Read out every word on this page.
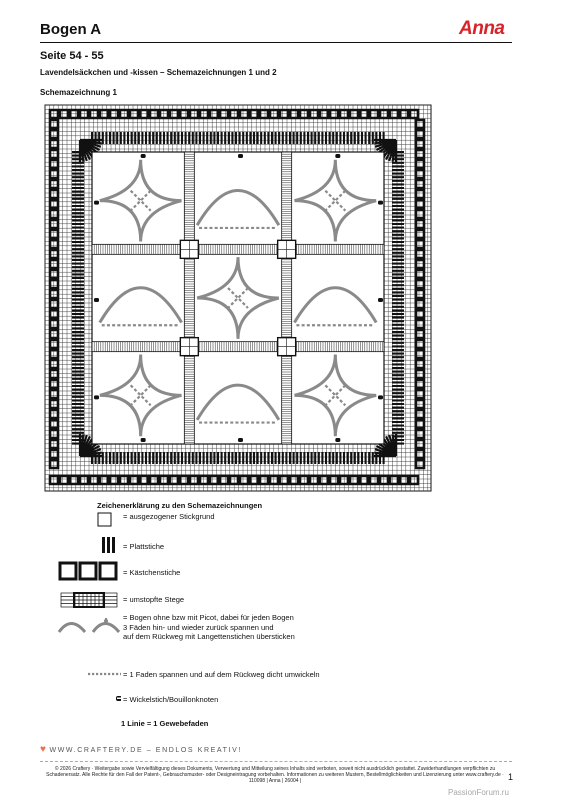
Bogen A	Anna
Seite 54 - 55
Lavendelsäckchen und -kissen – Schemazeichnungen 1 und 2
Schemazeichnung 1
Zeichenerklärung zu den Schemazeichnungen
= ausgezogener Stickgrund
= Plattstiche
= Kästchenstiche
= umstopfte Stege
= Bogen ohne bzw mit Picot, dabei für jeden Bogen
3 Fäden hin- und wieder zurück spannen und
auf dem Rückweg mit Langettenstichen übersticken
= 1 Faden spannen und auf dem Rückweg dicht umwickeln
= Wickelstich/Bouillonknoten
1 Linie = 1 Gewebefaden
♥ WWW.CRAFTERY.DE – ENDLOS KREATIV!
© 2026 Craftery · Weitergabe sowie Vervielfältigung dieses Dokuments, Verwertung und Mitteilung seines Inhalts sind verboten, soweit nicht ausdrücklich gestattet. Zuwiderhandlungen verpflichten zu Schadenersatz. Alle Rechte für den Fall der Patent-, Gebrauchsmuster- oder Designeintragung vorbehalten. Informationen zu weiteren Mustern, Bestellmöglichkeiten und Lizenzierung unter www.craftery.de · 110098 | Anna | 26004 |	1
PassionForum.ru
